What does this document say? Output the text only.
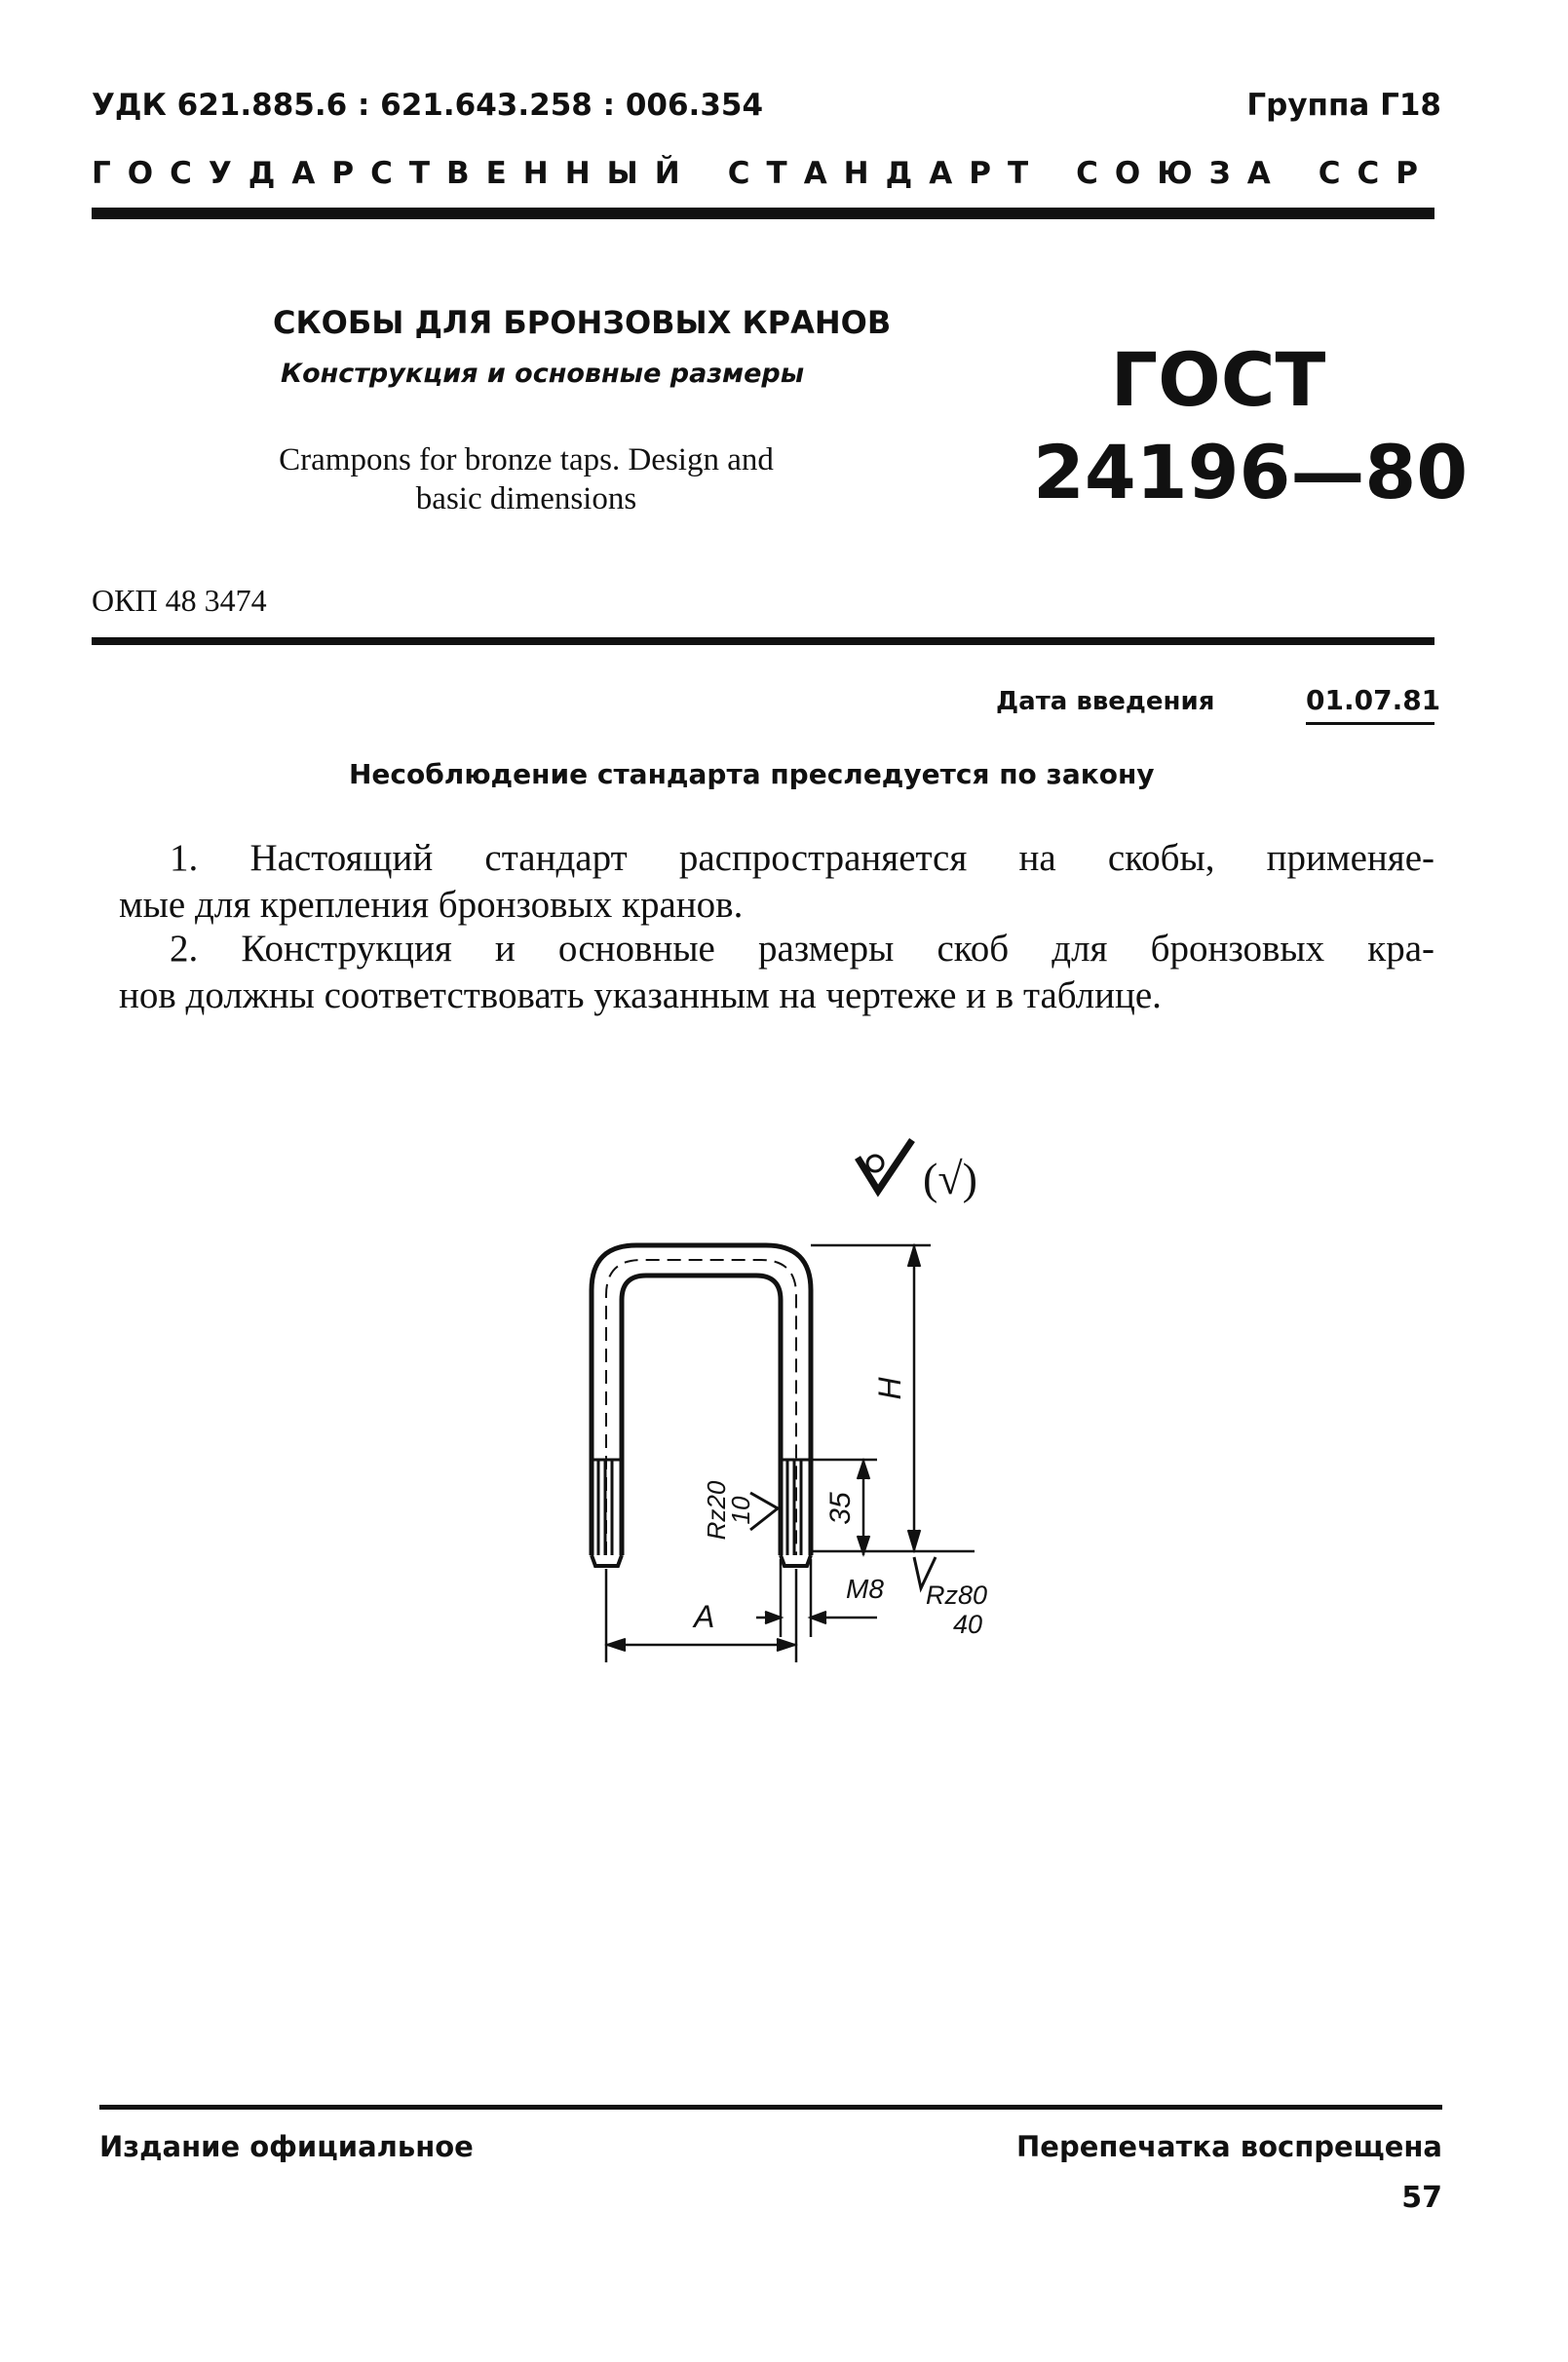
УДК 621.885.6 : 621.643.258 : 006.354	Группа Г18
ГОСУДАРСТВЕННЫЙ СТАНДАРТ СОЮЗА ССР
СКОБЫ ДЛЯ БРОНЗОВЫХ КРАНОВ
Конструкция и основные размеры
Crampons for bronze taps. Design and basic dimensions
ГОСТ
24196—80
ОКП 48 3474
Дата введения	01.07.81
Несоблюдение стандарта преследуется по закону
1. Настоящий стандарт распространяется на скобы, применяе-
мые для крепления бронзовых кранов.
2. Конструкция и основные размеры скоб для бронзовых кра-
нов должны соответствовать указанным на чертеже и в таблице.
(√)
H
35
Rz20
10
M8 Rz80
40
A
Издание официальное	Перепечатка воспрещена
57
